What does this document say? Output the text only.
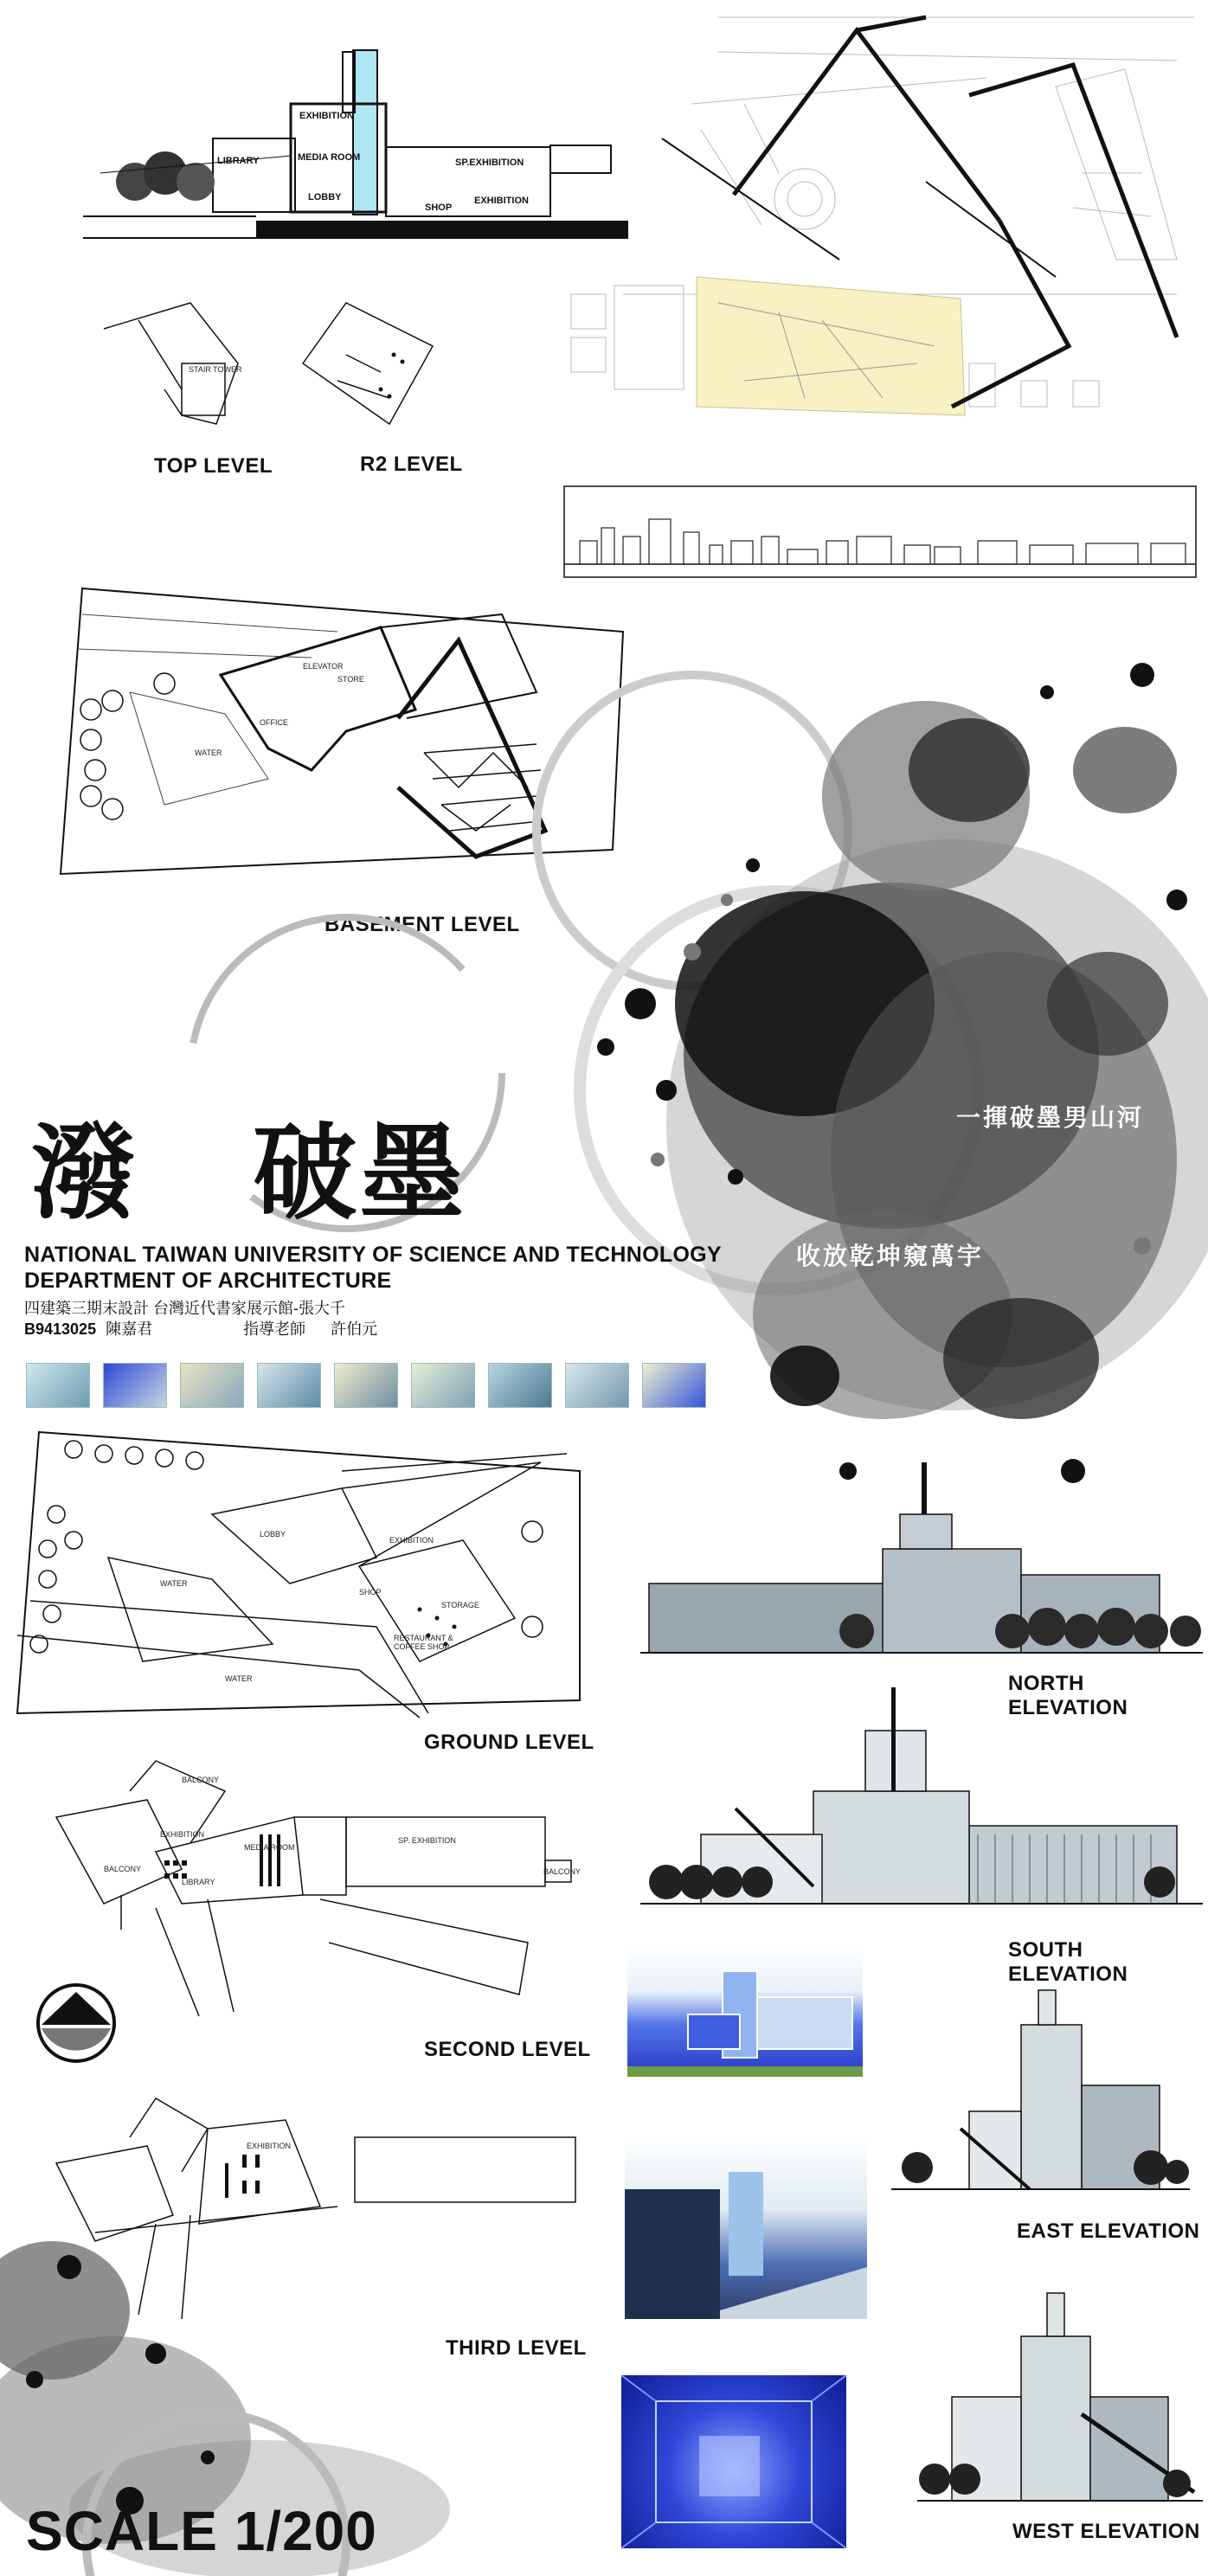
EXHIBITION
LIBRARY	MEDIA ROOM	SP.EXHIBITION
LOBBY
SHOP
EXHIBITION
STAIR TOWER
TOP LEVEL	R2 LEVEL
WATER
OFFICE
STORE
ELEVATOR
BASEMENT LEVEL
一揮破墨男山河
收放乾坤窺萬宇
潑 破墨
NATIONAL TAIWAN UNIVERSITY OF SCIENCE AND TECHNOLOGY
DEPARTMENT OF ARCHITECTURE
四建築三期末設計 台灣近代書家展示館-張大千
B9413025 陳嘉君	指導老師 許伯元
LOBBY
EXHIBITION
WATER
WATER
SHOP
STORAGE
RESTAURANT & COFFEE SHOP
GROUND LEVEL
BALCONY
EXHIBITION
BALCONY
LIBRARY
MEDIA ROOM
SP. EXHIBITION
BALCONY
SECOND LEVEL
EXHIBITION
THIRD LEVEL
SCALE 1/200
NORTH ELEVATION
SOUTH ELEVATION
EAST ELEVATION
WEST ELEVATION
